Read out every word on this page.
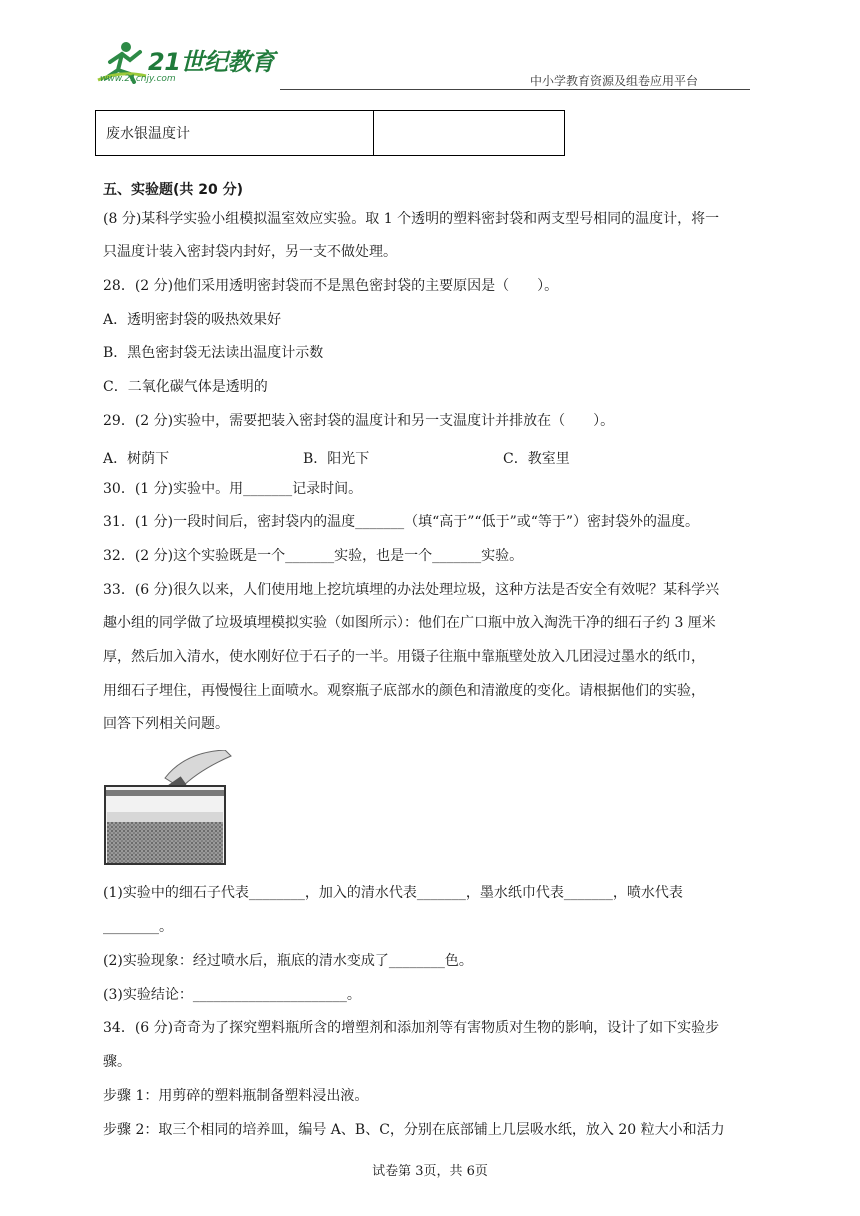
21世纪教育
www.21cnjy.com	中小学教育资源及组卷应用平台
废水银温度计	
五、实验题(共 20 分)
(8 分)某科学实验小组模拟温室效应实验。取 1 个透明的塑料密封袋和两支型号相同的温度计，将一
只温度计装入密封袋内封好，另一支不做处理。
28．(2 分)他们采用透明密封袋而不是黑色密封袋的主要原因是（　　）。
A．透明密封袋的吸热效果好
B．黑色密封袋无法读出温度计示数
C．二氧化碳气体是透明的
29．(2 分)实验中，需要把装入密封袋的温度计和另一支温度计并排放在（　　）。
A．树荫下	B．阳光下	C．教室里
30．(1 分)实验中。用_______记录时间。
31．(1 分)一段时间后，密封袋内的温度_______（填“高于”“低于”或“等于”）密封袋外的温度。
32．(2 分)这个实验既是一个_______实验，也是一个_______实验。
33．(6 分)很久以来，人们使用地上挖坑填埋的办法处理垃圾，这种方法是否安全有效呢？某科学兴
趣小组的同学做了垃圾填埋模拟实验（如图所示）：他们在广口瓶中放入淘洗干净的细石子约 3 厘米
厚，然后加入清水，使水刚好位于石子的一半。用镊子往瓶中靠瓶壁处放入几团浸过墨水的纸巾，
用细石子埋住，再慢慢往上面喷水。观察瓶子底部水的颜色和清澈度的变化。请根据他们的实验，
回答下列相关问题。
(1)实验中的细石子代表________，加入的清水代表_______，墨水纸巾代表_______，喷水代表
________。
(2)实验现象：经过喷水后，瓶底的清水变成了________色。
(3)实验结论：______________________。
34．(6 分)奇奇为了探究塑料瓶所含的增塑剂和添加剂等有害物质对生物的影响，设计了如下实验步
骤。
步骤 1：用剪碎的塑料瓶制备塑料浸出液。
步骤 2：取三个相同的培养皿，编号 A、B、C，分别在底部铺上几层吸水纸，放入 20 粒大小和活力
试卷第 3页，共 6页
